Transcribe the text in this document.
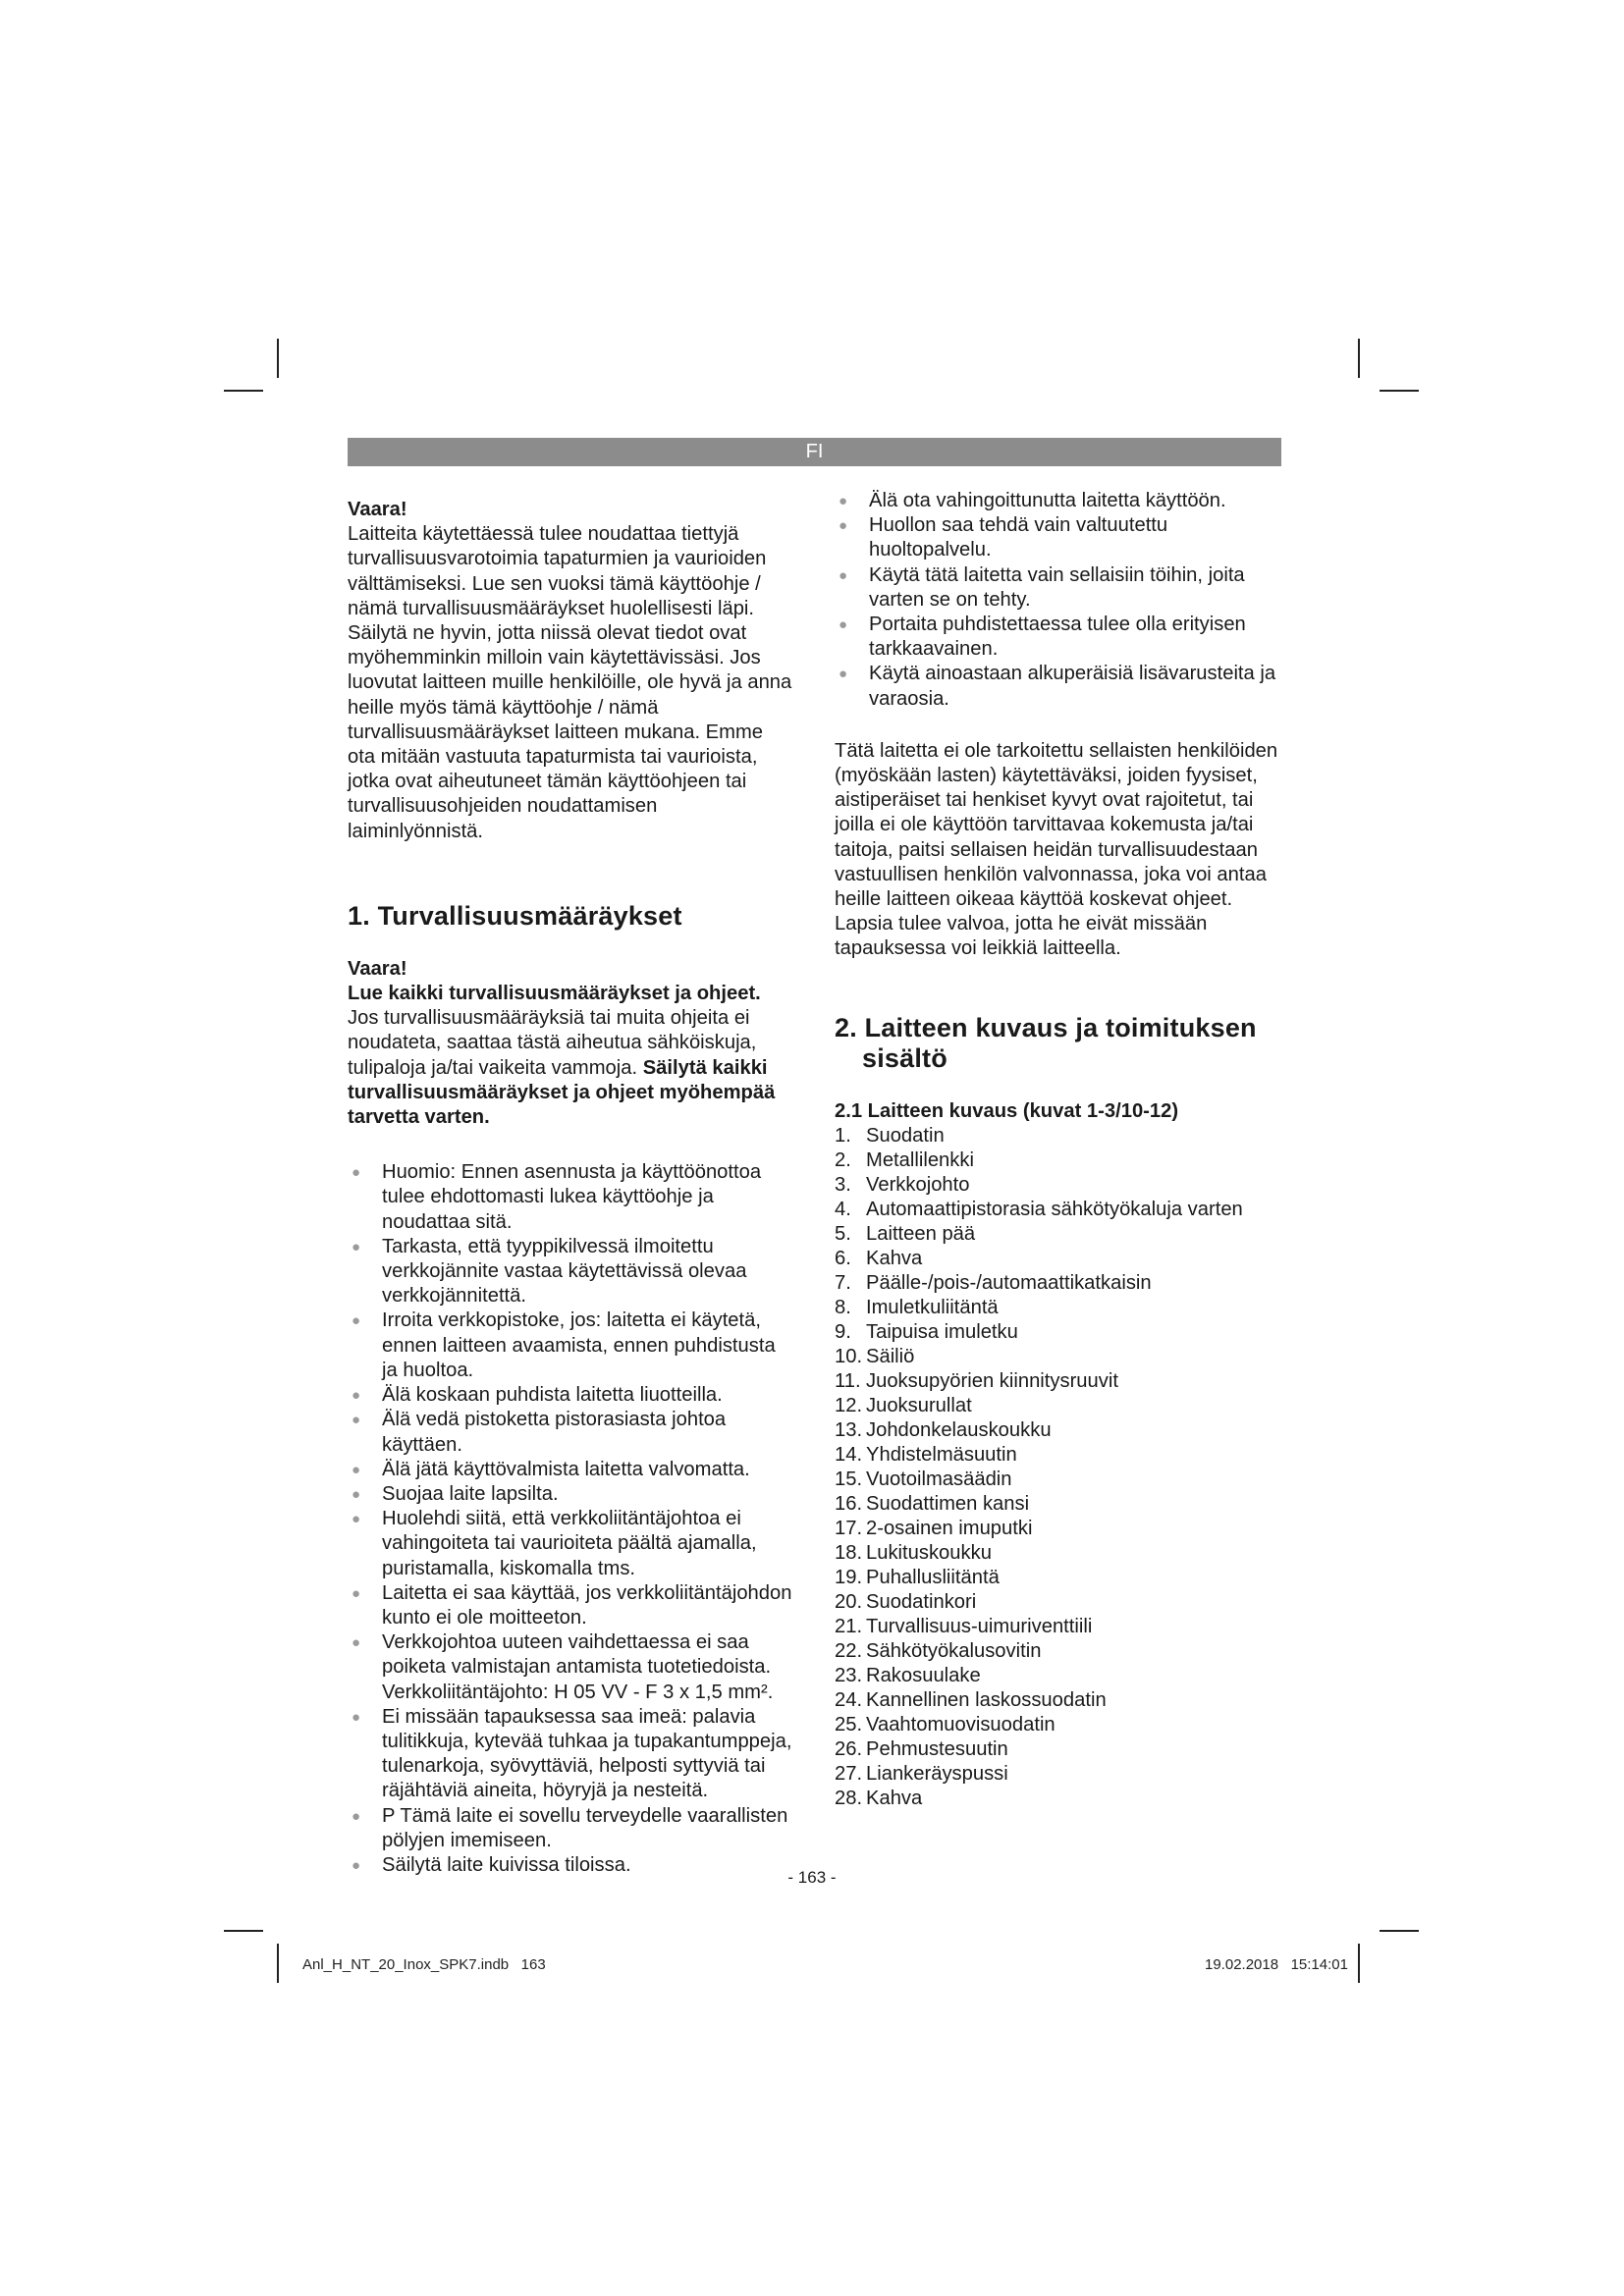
FI

Vaara!

Laitteita käytettäessä tulee noudattaa tiettyjä turvallisuusvarotoimia tapaturmien ja vaurioiden välttämiseksi. Lue sen vuoksi tämä käyttöohje / nämä turvallisuusmääräykset huolellisesti läpi. Säilytä ne hyvin, jotta niissä olevat tiedot ovat myöhemminkin milloin vain käytettävissäsi. Jos luovutat laitteen muille henkilöille, ole hyvä ja anna heille myös tämä käyttöohje / nämä turvallisuusmääräykset laitteen mukana. Emme ota mitään vastuuta tapaturmista tai vaurioista, jotka ovat aiheutuneet tämän käyttöohjeen tai turvallisuusohjeiden noudattamisen laiminlyönnistä.

1. Turvallisuusmääräykset

Vaara!

Lue kaikki turvallisuusmääräykset ja ohjeet.

Jos turvallisuusmääräyksiä tai muita ohjeita ei noudateta, saattaa tästä aiheutua sähköiskuja, tulipaloja ja/tai vaikeita vammoja. Säilytä kaikki turvallisuusmääräykset ja ohjeet myöhempää tarvetta varten.

● Huomio: Ennen asennusta ja käyttöönottoa tulee ehdottomasti lukea käyttöohje ja noudattaa sitä.
● Tarkasta, että tyyppikilvessä ilmoitettu verkkojännite vastaa käytettävissä olevaa verkkojännitettä.
● Irroita verkkopistoke, jos: laitetta ei käytetä, ennen laitteen avaamista, ennen puhdistusta ja huoltoa.
● Älä koskaan puhdista laitetta liuotteilla.
● Älä vedä pistoketta pistorasiasta johtoa käyttäen.
● Älä jätä käyttövalmista laitetta valvomatta.
● Suojaa laite lapsilta.
● Huolehdi siitä, että verkkoliitäntäjohtoa ei vahingoiteta tai vaurioiteta päältä ajamalla, puristamalla, kiskomalla tms.
● Laitetta ei saa käyttää, jos verkkoliitäntäjohdon kunto ei ole moitteeton.
● Verkkojohtoa uuteen vaihdettaessa ei saa poiketa valmistajan antamista tuotetiedoista. Verkkoliitäntäjohto: H 05 VV - F 3 x 1,5 mm².
● Ei missään tapauksessa saa imeä: palavia tulitikkuja, kytevää tuhkaa ja tupakantumppeja, tulenarkoja, syövyttäviä, helposti syttyviä tai räjähtäviä aineita, höyryjä ja nesteitä.
● P Tämä laite ei sovellu terveydelle vaarallisten pölyjen imemiseen.
● Säilytä laite kuivissa tiloissa.
● Älä ota vahingoittunutta laitetta käyttöön.
● Huollon saa tehdä vain valtuutettu huoltopalvelu.
● Käytä tätä laitetta vain sellaisiin töihin, joita varten se on tehty.
● Portaita puhdistettaessa tulee olla erityisen tarkkaavainen.
● Käytä ainoastaan alkuperäisiä lisävarusteita ja varaosia.

Tätä laitetta ei ole tarkoitettu sellaisten henkilöiden (myöskään lasten) käytettäväksi, joiden fyysiset, aistiperäiset tai henkiset kyvyt ovat rajoitetut, tai joilla ei ole käyttöön tarvittavaa kokemusta ja/tai taitoja, paitsi sellaisen heidän turvallisuudestaan vastuullisen henkilön valvonnassa, joka voi antaa heille laitteen oikeaa käyttöä koskevat ohjeet. Lapsia tulee valvoa, jotta he eivät missään tapauksessa voi leikkiä laitteella.

2. Laitteen kuvaus ja toimituksen
sisältö

2.1 Laitteen kuvaus (kuvat 1-3/10-12)

1. Suodatin
2. Metallilenkki
3. Verkkojohto
4. Automaattipistorasia sähkötyökaluja varten
5. Laitteen pää
6. Kahva
7. Päälle-/pois-/automaattikatkaisin
8. Imuletkuliitäntä
9. Taipuisa imuletku
10. Säiliö
11. Juoksupyörien kiinnitysruuvit
12. Juoksurullat
13. Johdonkelauskoukku
14. Yhdistelmäsuutin
15. Vuotoilmasäädin
16. Suodattimen kansi
17. 2-osainen imuputki
18. Lukituskoukku
19. Puhallusliitäntä
20. Suodatinkori
21. Turvallisuus-uimuriventtiili
22. Sähkötyökalusovitin
23. Rakosuulake
24. Kannellinen laskossuodatin
25. Vaahtomuovisuodatin
26. Pehmustesuutin
27. Liankeräyspussi
28. Kahva
- 163 -
Anl_H_NT_20_Inox_SPK7.indb   163	19.02.2018   15:14:01
